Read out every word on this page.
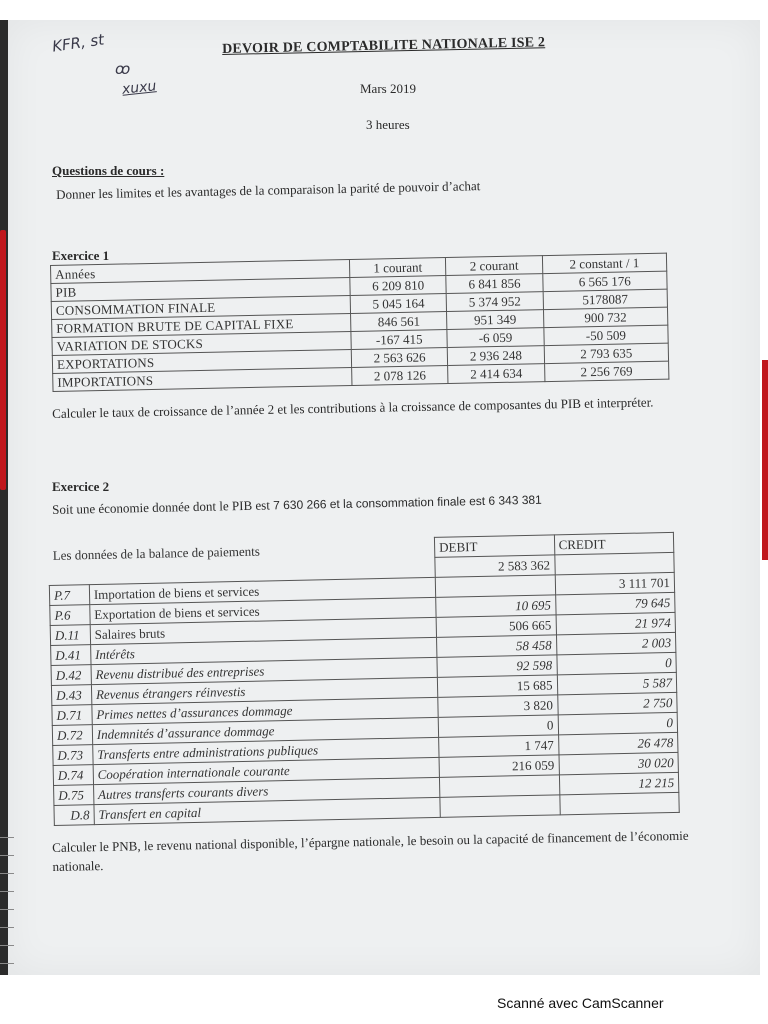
KFR, st
ꝏ
xuxu
DEVOIR DE COMPTABILITE NATIONALE ISE 2
Mars 2019
3 heures
Questions de cours :
Donner les limites et les avantages de la comparaison la parité de pouvoir d’achat
Exercice 1
Années	1 courant	2 courant	2 constant / 1
PIB	6 209 810	6 841 856	6 565 176
CONSOMMATION FINALE	5 045 164	5 374 952	5178087
FORMATION BRUTE DE CAPITAL FIXE	846 561	951 349	900 732
VARIATION DE STOCKS	-167 415	-6 059	-50 509
EXPORTATIONS	2 563 626	2 936 248	2 793 635
IMPORTATIONS	2 078 126	2 414 634	2 256 769
Calculer le taux de croissance de l’année 2 et les contributions à la croissance de composantes du PIB et interpréter.
Exercice 2
Soit une économie donnée dont le PIB est 7 630 266 et la consommation finale est 6 343 381
Les données de la balance de paiements		DEBIT	CREDIT
		2 583 362	
P.7	Importation de biens et services		3 111 701
P.6	Exportation de biens et services	10 695	79 645
D.11	Salaires bruts	506 665	21 974
D.41	Intérêts	58 458	2 003
D.42	Revenu distribué des entreprises	92 598	0
D.43	Revenus étrangers réinvestis	15 685	5 587
D.71	Primes nettes d’assurances dommage	3 820	2 750
D.72	Indemnités d’assurance dommage	0	0
D.73	Transferts entre administrations publiques	1 747	26 478
D.74	Coopération internationale courante	216 059	30 020
D.75	Autres transferts courants divers		12 215
D.8	Transfert en capital		
Calculer le PNB, le revenu national disponible, l’épargne nationale, le besoin ou la capacité de financement de l’économie nationale.
Scanné avec CamScanner
